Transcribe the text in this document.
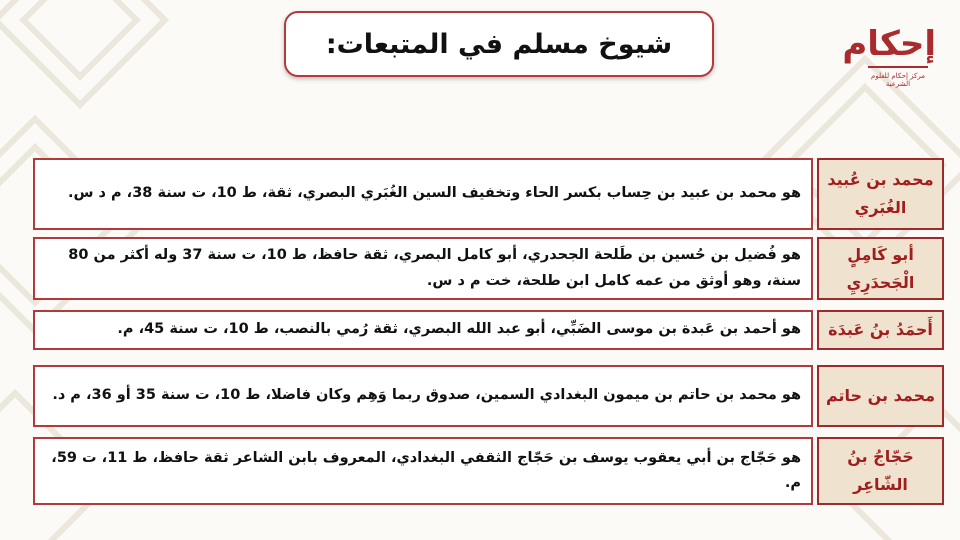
إحكام
مركز إحكام للعلوم الشرعية
شيوخ مسلم في المتبعات:
محمد بن عُبيد الغُبَري
هو محمد بن عبيد بن حِساب بكسر الحاء وتخفيف السين الغُبَري البصري، ثقة، ط 10، ت سنة 38، م د س.
أبو كَامِلٍ الْجَحدَرِيِ
هو فُضيل بن حُسين بن طَلحة الجحدري، أبو كامل البصري، ثقة حافظ، ط 10، ت سنة 37 وله أكثر من 80 سنة، وهو أوثق من عمه كامل ابن طلحة، خت م د س.
أَحمَدُ بنُ عَبدَة
هو أحمد بن عَبدة بن موسى الضَبِّي، أبو عبد الله البصري، ثقة رُمي بالنصب، ط 10، ت سنة 45، م.
محمد بن حاتم
هو محمد بن حاتم بن ميمون البغدادي السمين، صدوق ربما وَهِم وكان فاضلا، ط 10، ت سنة 35 أو 36، م د.
حَجّاجُ بنُ الشّاعِر
هو حَجّاج بن أبي يعقوب يوسف بن حَجّاج الثقفي البغدادي، المعروف بابن الشاعر ثقة حافظ، ط 11، ت 59، م.
